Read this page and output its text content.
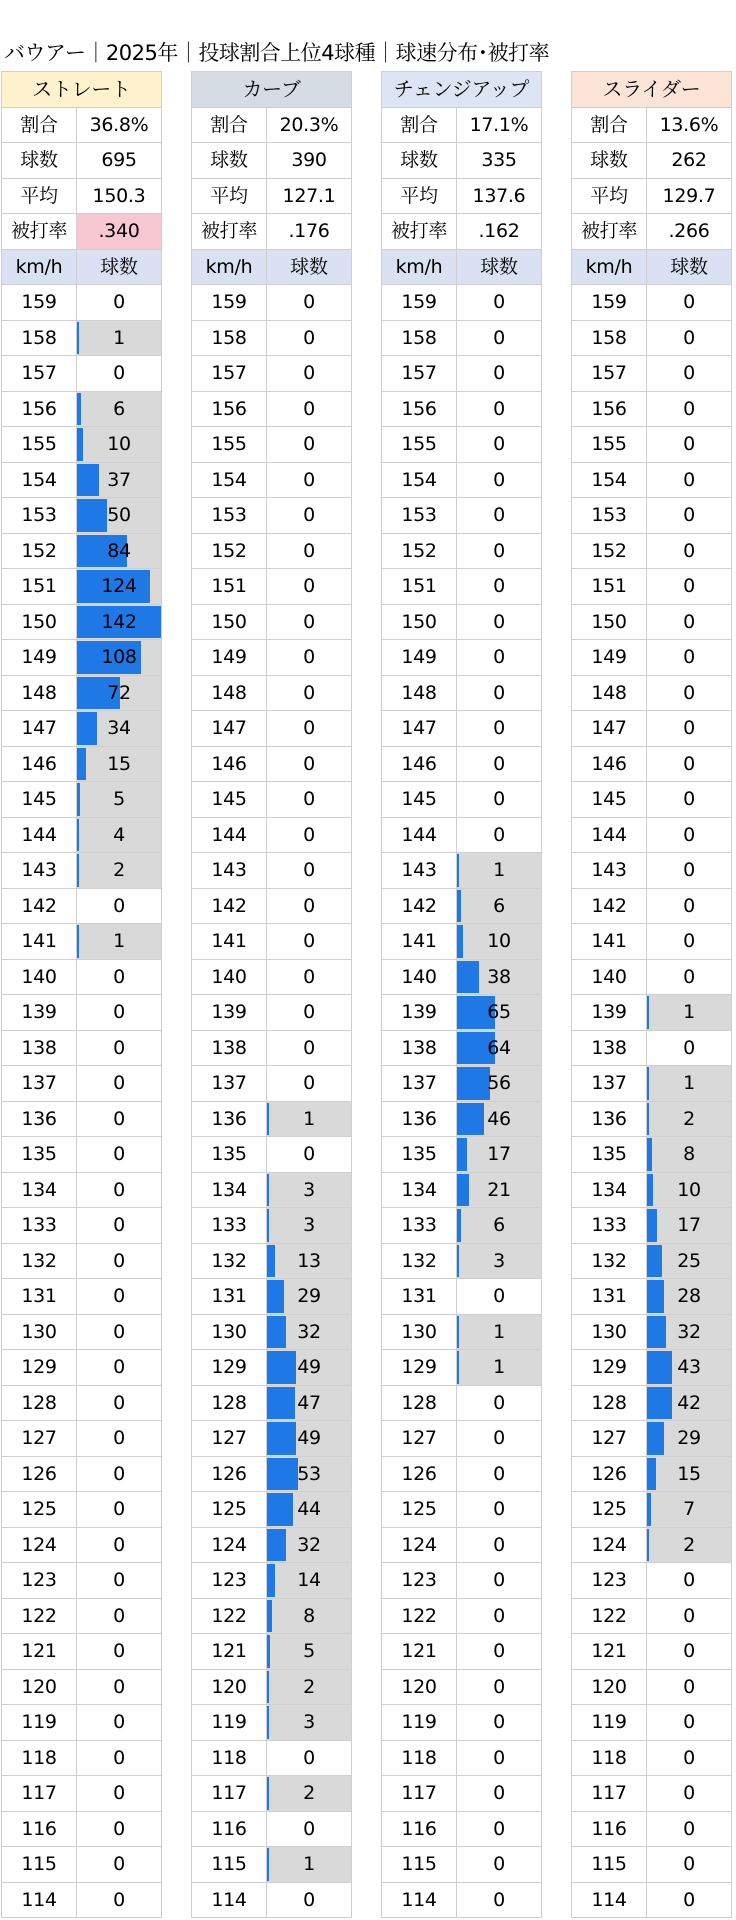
バウアー｜2025年｜投球割合上位4球種｜球速分布･被打率
ストレート	
割合	36.8%
球数	695
平均	150.3
被打率	.340
km/h	球数
159	0
158	1
157	0
156	6
155	10
154	37
153	50
152	84
151	124
150	142
149	108
148	72
147	34
146	15
145	5
144	4
143	2
142	0
141	1
140	0
139	0
138	0
137	0
136	0
135	0
134	0
133	0
132	0
131	0
130	0
129	0
128	0
127	0
126	0
125	0
124	0
123	0
122	0
121	0
120	0
119	0
118	0
117	0
116	0
115	0
114	0
カーブ	
割合	20.3%
球数	390
平均	127.1
被打率	.176
km/h	球数
159	0
158	0
157	0
156	0
155	0
154	0
153	0
152	0
151	0
150	0
149	0
148	0
147	0
146	0
145	0
144	0
143	0
142	0
141	0
140	0
139	0
138	0
137	0
136	1
135	0
134	3
133	3
132	13
131	29
130	32
129	49
128	47
127	49
126	53
125	44
124	32
123	14
122	8
121	5
120	2
119	3
118	0
117	2
116	0
115	1
114	0
チェンジアップ	
割合	17.1%
球数	335
平均	137.6
被打率	.162
km/h	球数
159	0
158	0
157	0
156	0
155	0
154	0
153	0
152	0
151	0
150	0
149	0
148	0
147	0
146	0
145	0
144	0
143	1
142	6
141	10
140	38
139	65
138	64
137	56
136	46
135	17
134	21
133	6
132	3
131	0
130	1
129	1
128	0
127	0
126	0
125	0
124	0
123	0
122	0
121	0
120	0
119	0
118	0
117	0
116	0
115	0
114	0
スライダー	
割合	13.6%
球数	262
平均	129.7
被打率	.266
km/h	球数
159	0
158	0
157	0
156	0
155	0
154	0
153	0
152	0
151	0
150	0
149	0
148	0
147	0
146	0
145	0
144	0
143	0
142	0
141	0
140	0
139	1
138	0
137	1
136	2
135	8
134	10
133	17
132	25
131	28
130	32
129	43
128	42
127	29
126	15
125	7
124	2
123	0
122	0
121	0
120	0
119	0
118	0
117	0
116	0
115	0
114	0
